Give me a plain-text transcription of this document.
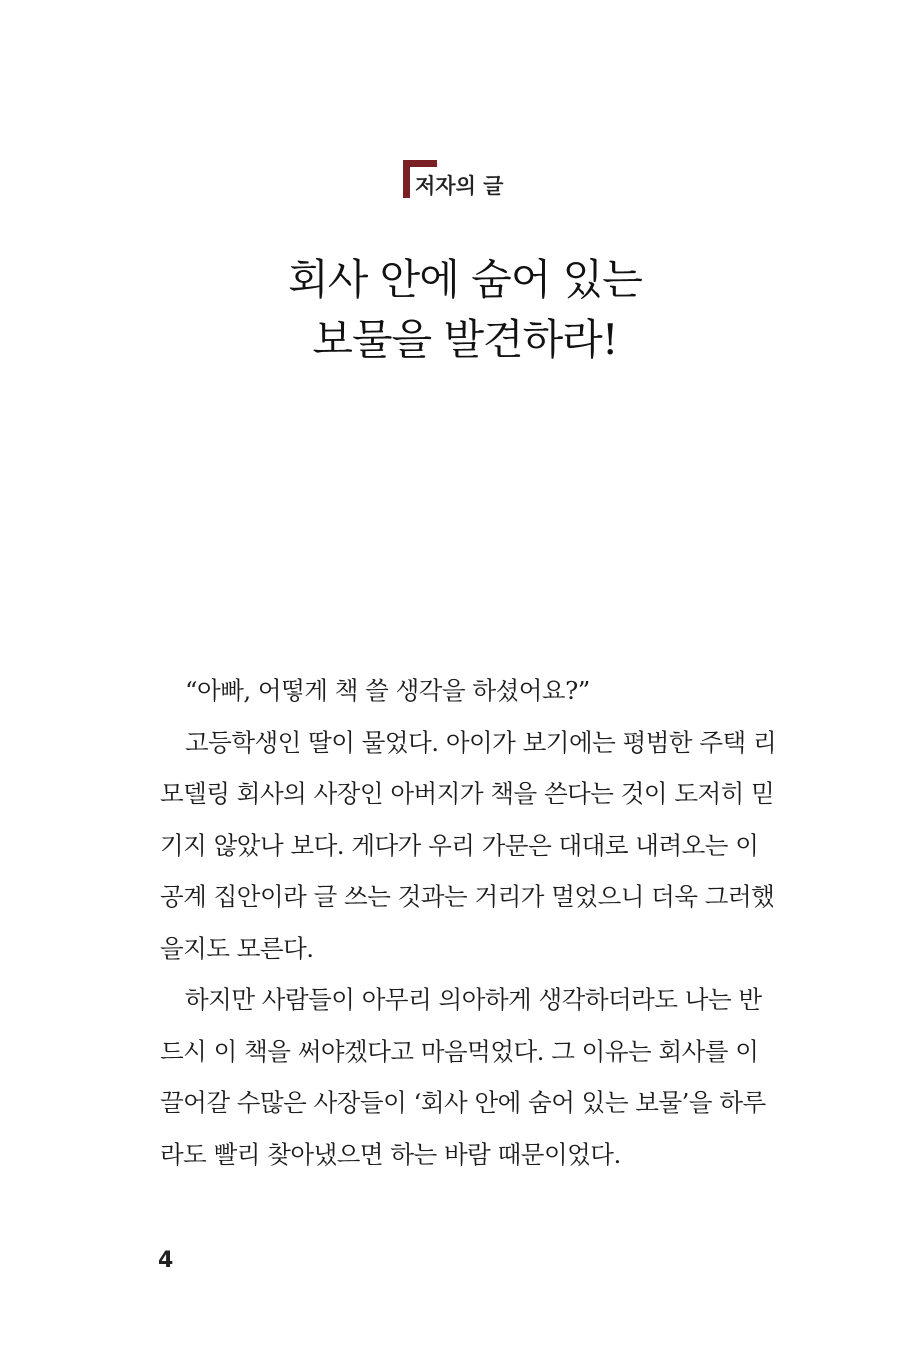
저자의 글
회사 안에 숨어 있는
보물을 발견하라!

“아빠, 어떻게 책 쓸 생각을 하셨어요?”

고등학생인 딸이 물었다. 아이가 보기에는 평범한 주택 리
모델링 회사의 사장인 아버지가 책을 쓴다는 것이 도저히 믿
기지 않았나 보다. 게다가 우리 가문은 대대로 내려오는 이
공계 집안이라 글 쓰는 것과는 거리가 멀었으니 더욱 그러했
을지도 모른다.

하지만 사람들이 아무리 의아하게 생각하더라도 나는 반
드시 이 책을 써야겠다고 마음먹었다. 그 이유는 회사를 이
끌어갈 수많은 사장들이 ‘회사 안에 숨어 있는 보물’을 하루
라도 빨리 찾아냈으면 하는 바람 때문이었다.

4
